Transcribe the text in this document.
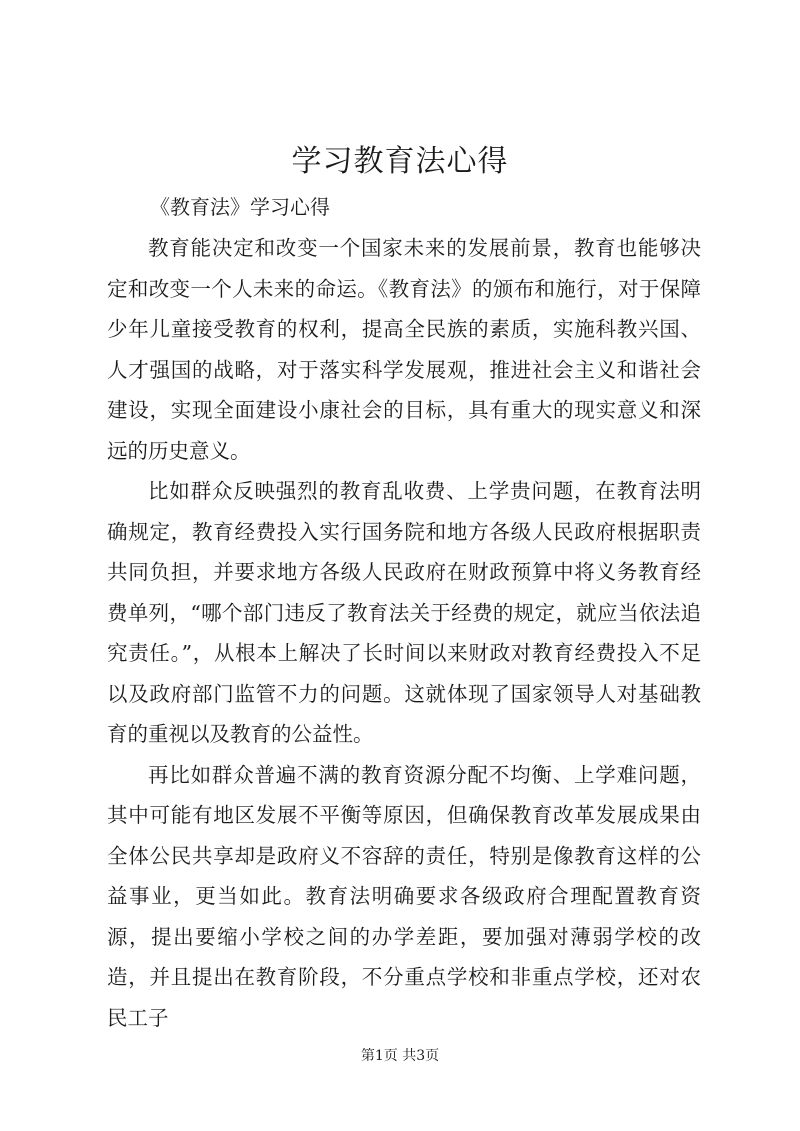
学习教育法心得

《教育法》学习心得

教育能决定和改变一个国家未来的发展前景，教育也能够决定和改变一个人未来的命运。《教育法》的颁布和施行，对于保障少年儿童接受教育的权利，提高全民族的素质，实施科教兴国、人才强国的战略，对于落实科学发展观，推进社会主义和谐社会建设，实现全面建设小康社会的目标，具有重大的现实意义和深远的历史意义。

比如群众反映强烈的教育乱收费、上学贵问题，在教育法明确规定，教育经费投入实行国务院和地方各级人民政府根据职责共同负担，并要求地方各级人民政府在财政预算中将义务教育经费单列，“哪个部门违反了教育法关于经费的规定，就应当依法追究责任。”，从根本上解决了长时间以来财政对教育经费投入不足以及政府部门监管不力的问题。这就体现了国家领导人对基础教育的重视以及教育的公益性。

再比如群众普遍不满的教育资源分配不均衡、上学难问题，其中可能有地区发展不平衡等原因，但确保教育改革发展成果由全体公民共享却是政府义不容辞的责任，特别是像教育这样的公益事业，更当如此。教育法明确要求各级政府合理配置教育资源，提出要缩小学校之间的办学差距，要加强对薄弱学校的改造，并且提出在教育阶段，不分重点学校和非重点学校，还对农民工子

第1页 共3页
